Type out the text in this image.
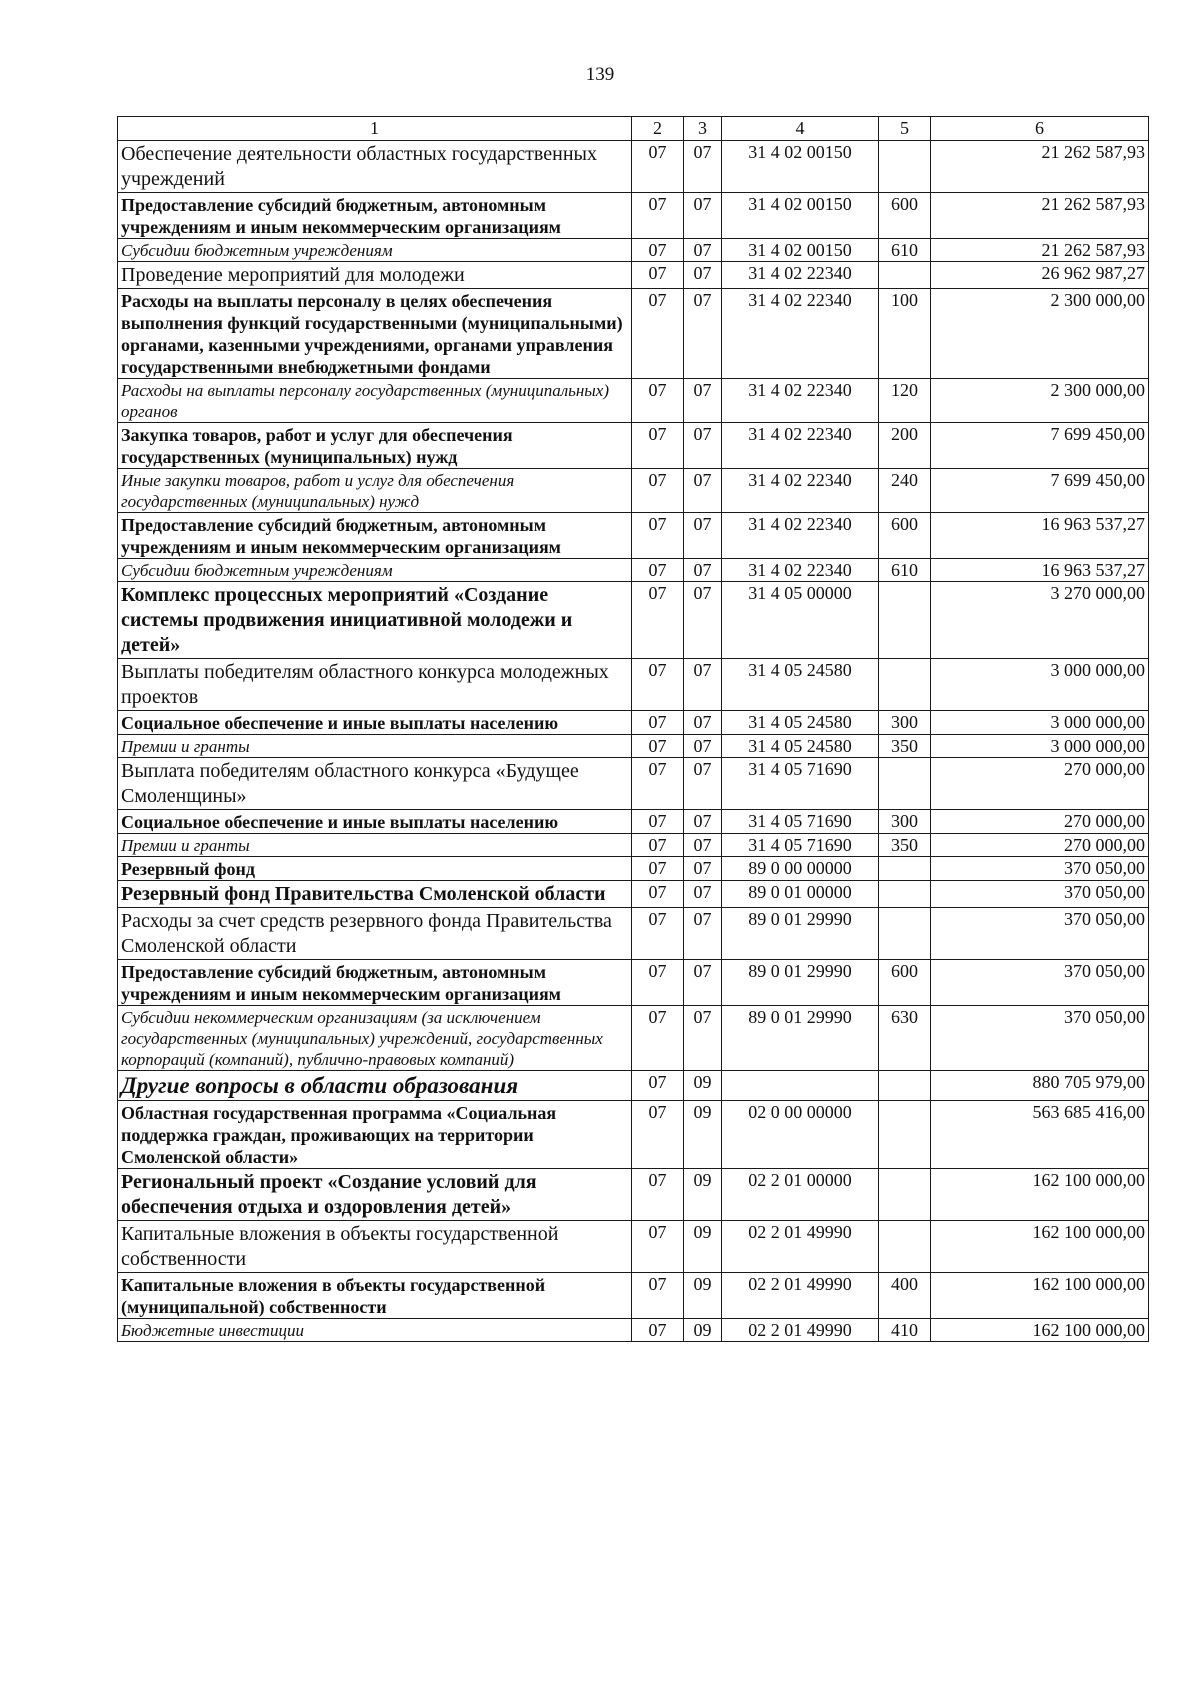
139
1	2	3	4	5	6
Обеспечение деятельности областных государственных учреждений	07	07	31 4 02 00150		21 262 587,93
Предоставление субсидий бюджетным, автономным учреждениям и иным некоммерческим организациям	07	07	31 4 02 00150	600	21 262 587,93
Субсидии бюджетным учреждениям	07	07	31 4 02 00150	610	21 262 587,93
Проведение мероприятий для молодежи	07	07	31 4 02 22340		26 962 987,27
Расходы на выплаты персоналу в целях обеспечения выполнения функций государственными (муниципальными) органами, казенными учреждениями, органами управления государственными внебюджетными фондами	07	07	31 4 02 22340	100	2 300 000,00
Расходы на выплаты персоналу государственных (муниципальных) органов	07	07	31 4 02 22340	120	2 300 000,00
Закупка товаров, работ и услуг для обеспечения государственных (муниципальных) нужд	07	07	31 4 02 22340	200	7 699 450,00
Иные закупки товаров, работ и услуг для обеспечения государственных (муниципальных) нужд	07	07	31 4 02 22340	240	7 699 450,00
Предоставление субсидий бюджетным, автономным учреждениям и иным некоммерческим организациям	07	07	31 4 02 22340	600	16 963 537,27
Субсидии бюджетным учреждениям	07	07	31 4 02 22340	610	16 963 537,27
Комплекс процессных мероприятий «Создание системы продвижения инициативной молодежи и детей»	07	07	31 4 05 00000		3 270 000,00
Выплаты победителям областного конкурса молодежных проектов	07	07	31 4 05 24580		3 000 000,00
Социальное обеспечение и иные выплаты населению	07	07	31 4 05 24580	300	3 000 000,00
Премии и гранты	07	07	31 4 05 24580	350	3 000 000,00
Выплата победителям областного конкурса «Будущее Смоленщины»	07	07	31 4 05 71690		270 000,00
Социальное обеспечение и иные выплаты населению	07	07	31 4 05 71690	300	270 000,00
Премии и гранты	07	07	31 4 05 71690	350	270 000,00
Резервный фонд	07	07	89 0 00 00000		370 050,00
Резервный фонд Правительства Смоленской области	07	07	89 0 01 00000		370 050,00
Расходы за счет средств резервного фонда Правительства Смоленской области	07	07	89 0 01 29990		370 050,00
Предоставление субсидий бюджетным, автономным учреждениям и иным некоммерческим организациям	07	07	89 0 01 29990	600	370 050,00
Субсидии некоммерческим организациям (за исключением государственных (муниципальных) учреждений, государственных корпораций (компаний), публично-правовых компаний)	07	07	89 0 01 29990	630	370 050,00
Другие вопросы в области образования	07	09			880 705 979,00
Областная государственная программа «Социальная поддержка граждан, проживающих на территории Смоленской области»	07	09	02 0 00 00000		563 685 416,00
Региональный проект «Создание условий для обеспечения отдыха и оздоровления детей»	07	09	02 2 01 00000		162 100 000,00
Капитальные вложения в объекты государственной собственности	07	09	02 2 01 49990		162 100 000,00
Капитальные вложения в объекты государственной (муниципальной) собственности	07	09	02 2 01 49990	400	162 100 000,00
Бюджетные инвестиции	07	09	02 2 01 49990	410	162 100 000,00
